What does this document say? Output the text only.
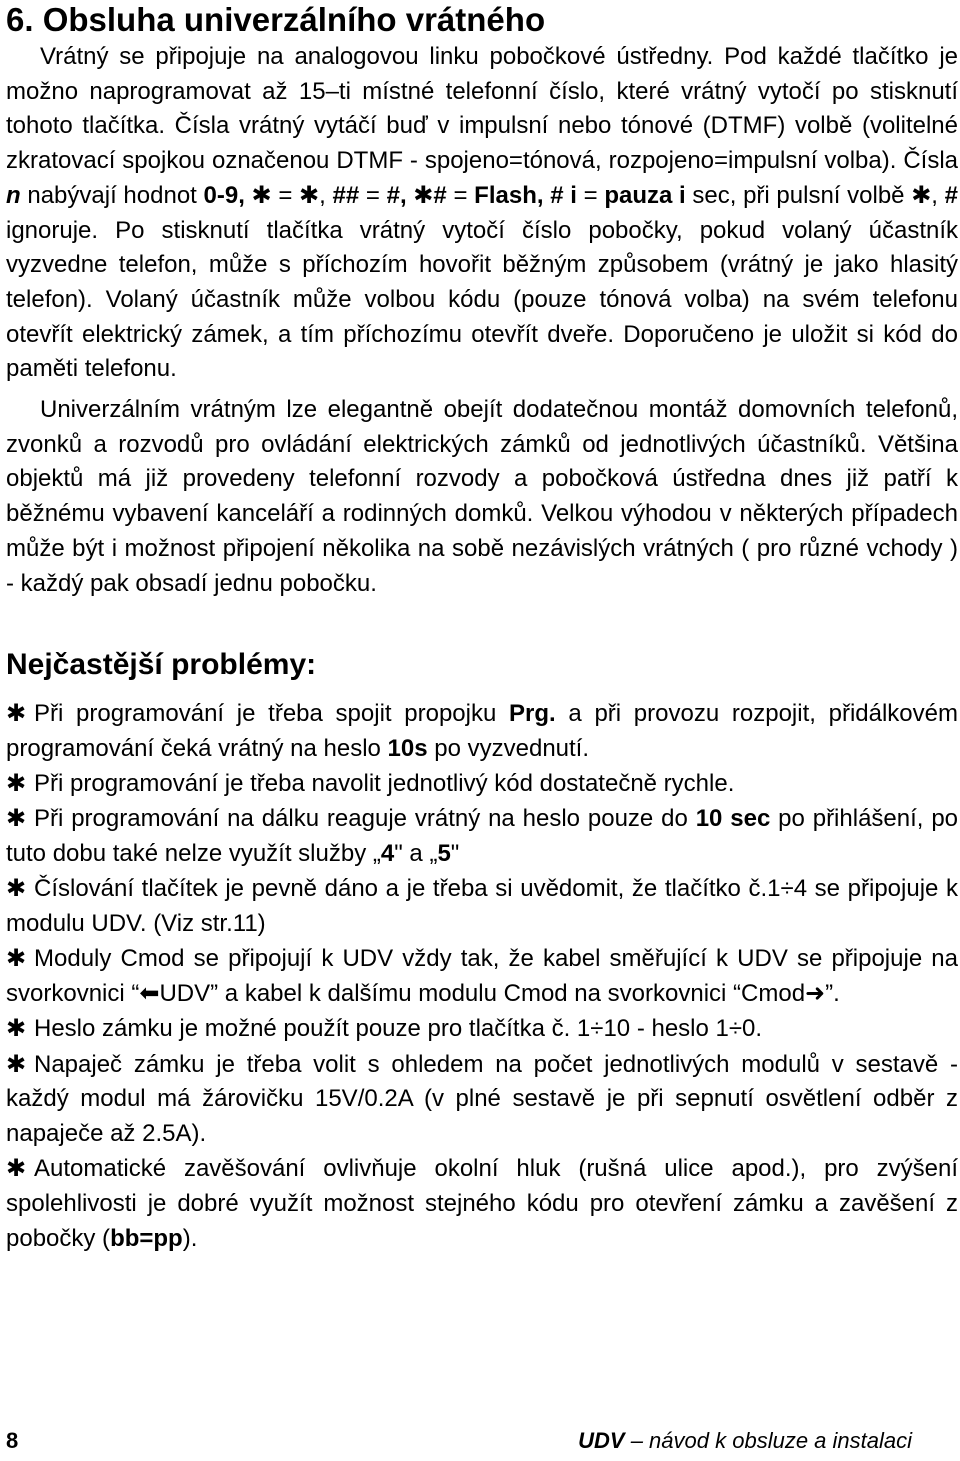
6. Obsluha univerzálního vrátného

Vrátný se připojuje na analogovou linku pobočkové ústředny. Pod každé tlačítko je možno naprogramovat až 15–ti místné telefonní číslo, které vrátný vytočí po stisknutí tohoto tlačítka. Čísla vrátný vytáčí buď v impulsní nebo tónové (DTMF) volbě (volitelné zkratovací spojkou označenou DTMF - spojeno=tónová, rozpojeno=impulsní volba). Čísla n nabývají hodnot 0-9, ✱ = ✱, ## = #, ✱# = Flash, # i = pauza i sec, při pulsní volbě ✱, # ignoruje. Po stisknutí tlačítka vrátný vytočí číslo pobočky, pokud volaný účastník vyzvedne telefon, může s příchozím hovořit běžným způsobem (vrátný je jako hlasitý telefon). Volaný účastník může volbou kódu (pouze tónová volba) na svém telefonu otevřít elektrický zámek, a tím příchozímu otevřít dveře. Doporučeno je uložit si kód do paměti telefonu.

Univerzálním vrátným lze elegantně obejít dodatečnou montáž domovních telefonů, zvonků a rozvodů pro ovládání elektrických zámků od jednotlivých účastníků. Většina objektů má již provedeny telefonní rozvody a pobočková ústředna dnes již patří k běžnému vybavení kanceláří a rodinných domků. Velkou výhodou v některých případech může být i možnost připojení několika na sobě nezávislých vrátných ( pro různé vchody ) - každý pak obsadí jednu pobočku.

Nejčastější problémy:
✱ Při programování je třeba spojit propojku Prg. a při provozu rozpojit, přidálkovém programování čeká vrátný na heslo 10s po vyzvednutí.
✱ Při programování je třeba navolit jednotlivý kód dostatečně rychle.
✱ Při programování na dálku reaguje vrátný na heslo pouze do 10 sec po přihlášení, po tuto dobu také nelze využít služby „4" a „5"
✱ Číslování tlačítek je pevně dáno a je třeba si uvědomit, že tlačítko č.1÷4 se připojuje k modulu UDV. (Viz str.11)
✱ Moduly Cmod se připojují k UDV vždy tak, že kabel směřující k UDV se připojuje na svorkovnici “⬅UDV” a kabel k dalšímu modulu Cmod na svorkovnici “Cmod➜”.
✱ Heslo zámku je možné použít pouze pro tlačítka č. 1÷10 - heslo 1÷0.
✱ Napaječ zámku je třeba volit s ohledem na počet jednotlivých modulů v sestavě - každý modul má žárovičku 15V/0.2A (v plné sestavě je při sepnutí osvětlení odběr z napaječe až 2.5A).
✱ Automatické zavěšování ovlivňuje okolní hluk (rušná ulice apod.), pro zvýšení spolehlivosti je dobré využít možnost stejného kódu pro otevření zámku a zavěšení z pobočky (bb=pp).
8	UDV – návod k obsluze a instalaci
